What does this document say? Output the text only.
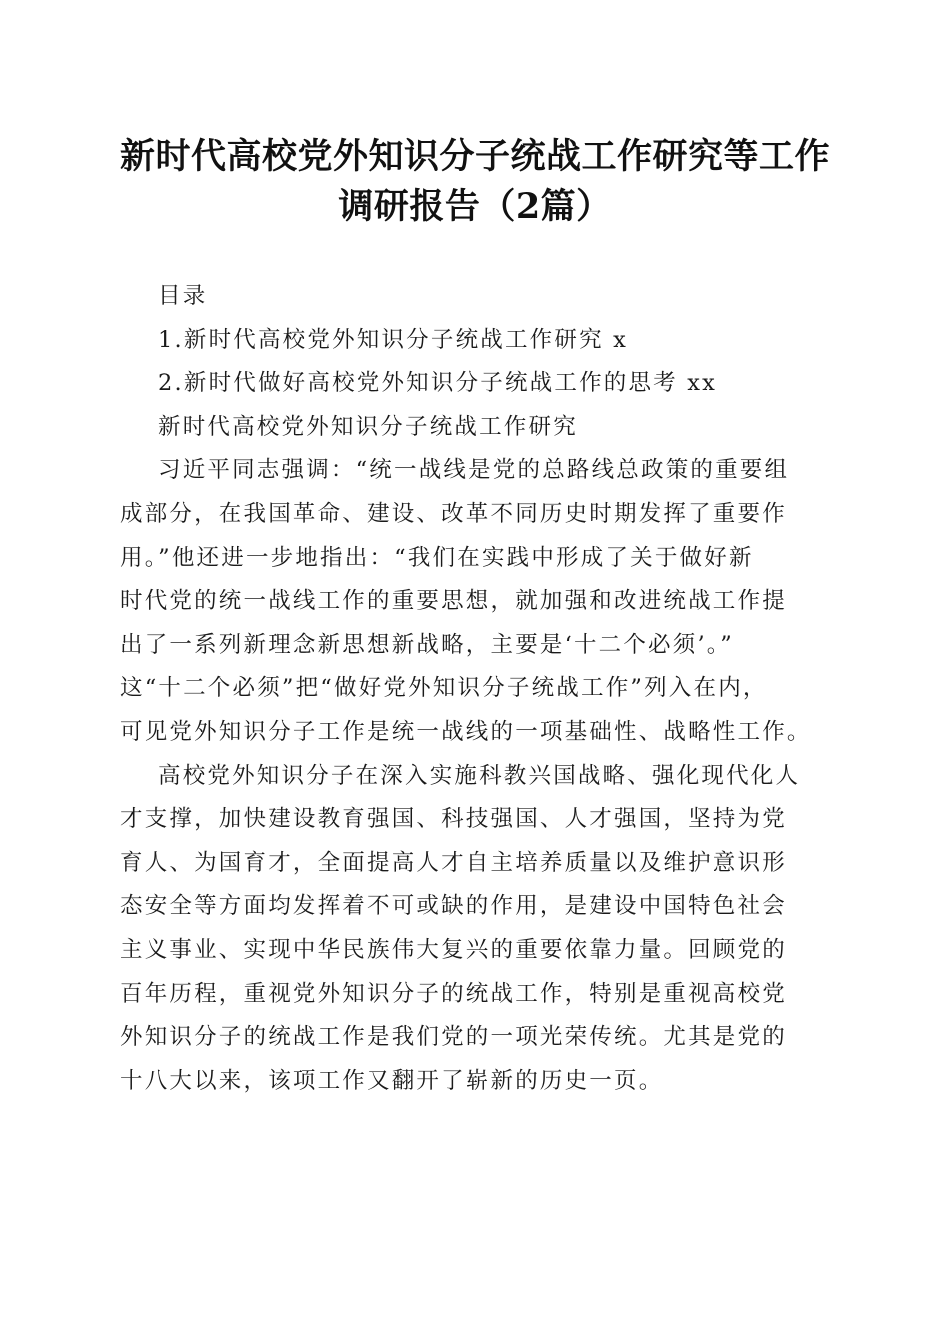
新时代高校党外知识分子统战工作研究等工作
调研报告（2篇）
目录
1.新时代高校党外知识分子统战工作研究 x
2.新时代做好高校党外知识分子统战工作的思考 xx
新时代高校党外知识分子统战工作研究
习近平同志强调：“统一战线是党的总路线总政策的重要组
成部分，在我国革命、建设、改革不同历史时期发挥了重要作
用。”他还进一步地指出：“我们在实践中形成了关于做好新
时代党的统一战线工作的重要思想，就加强和改进统战工作提
出了一系列新理念新思想新战略，主要是‘十二个必须’。”
这“十二个必须”把“做好党外知识分子统战工作”列入在内，
可见党外知识分子工作是统一战线的一项基础性、战略性工作。
高校党外知识分子在深入实施科教兴国战略、强化现代化人
才支撑，加快建设教育强国、科技强国、人才强国，坚持为党
育人、为国育才，全面提高人才自主培养质量以及维护意识形
态安全等方面均发挥着不可或缺的作用，是建设中国特色社会
主义事业、实现中华民族伟大复兴的重要依靠力量。回顾党的
百年历程，重视党外知识分子的统战工作，特别是重视高校党
外知识分子的统战工作是我们党的一项光荣传统。尤其是党的
十八大以来，该项工作又翻开了崭新的历史一页。
